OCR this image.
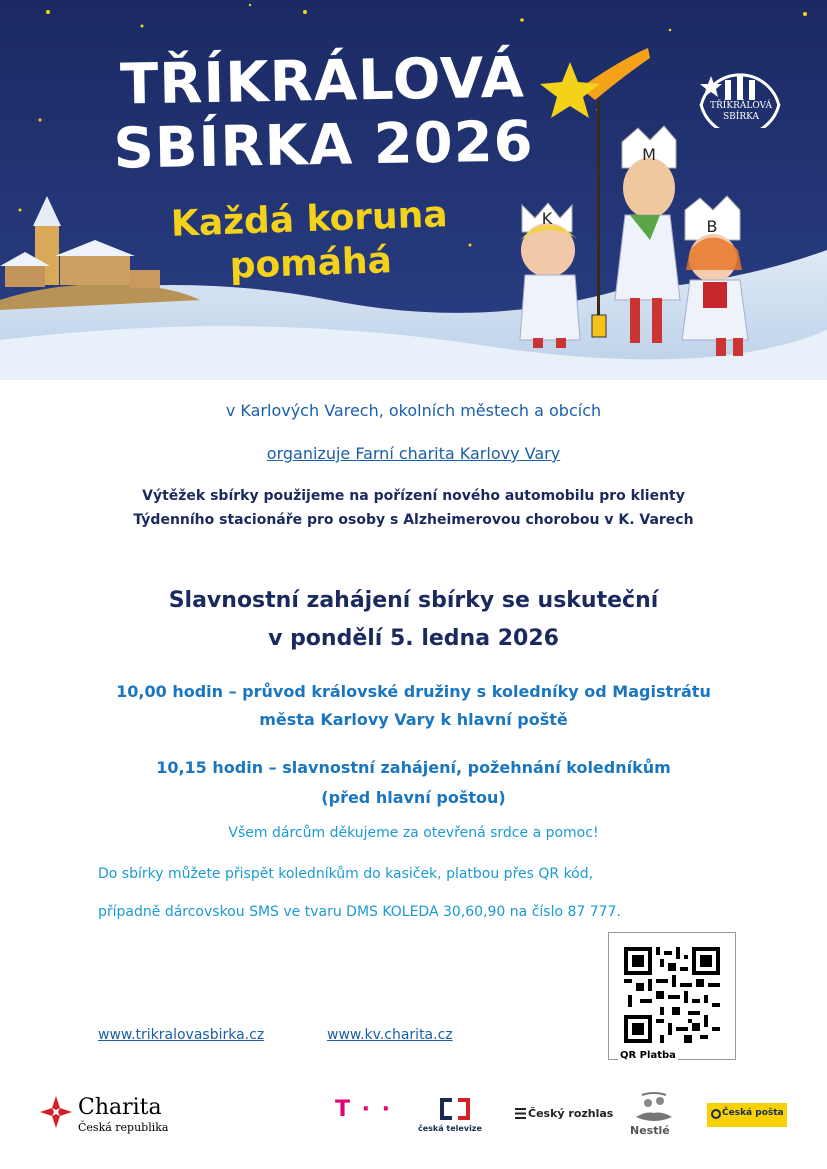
K
M
B
TŘÍKRÁLOVÁ
SBÍRKA 2026
Každá koruna
pomáhá
TŘÍKRÁLOVÁ
SBÍRKA
v Karlových Varech, okolních městech a obcích
organizuje Farní charita Karlovy Vary
Výtěžek sbírky použijeme na pořízení nového automobilu pro klienty
Týdenního stacionáře pro osoby s Alzheimerovou chorobou v K. Varech
Slavnostní zahájení sbírky se uskuteční
v pondělí 5. ledna 2026
10,00 hodin – průvod královské družiny s koledníky od Magistrátu
města Karlovy Vary k hlavní poště
10,15 hodin – slavnostní zahájení, požehnání koledníkům
(před hlavní poštou)
Všem dárcům děkujeme za otevřená srdce a pomoc!
Do sbírky můžete přispět koledníkům do kasiček, platbou přes QR kód,
případně dárcovskou SMS ve tvaru DMS KOLEDA 30,60,90 na číslo 87 777.
QR Platba
www.trikralovasbirka.cz	www.kv.charita.cz
Charita
Česká republika
T · ·
česká televize
Český rozhlas
Nestlé
Česká pošta
